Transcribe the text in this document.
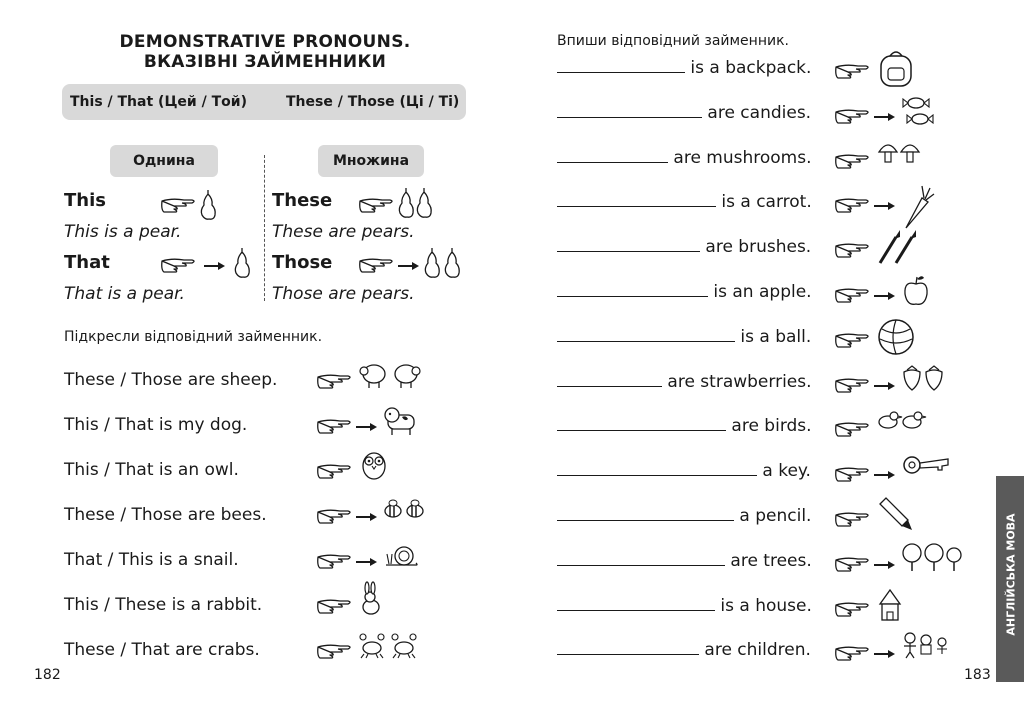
DEMONSTRATIVE PRONOUNS.
ВКАЗІВНІ ЗАЙМЕННИКИ
This / That (Цей / Той)	These / Those (Ці / Ті)
Однина	Множина
This
This is a pear.
That
That is a pear.
These
These are pears.
Those
Those are pears.
Підкресли відповідний займенник.
These / Those are sheep.
This / That is my dog.
This / That is an owl.
These / Those are bees.
That / This is a snail.
This / These is a rabbit.
These / That are crabs.
182
Впиши відповідний займенник.
is a backpack.
are candies.
are mushrooms.
is a carrot.
are brushes.
is an apple.
is a ball.
are strawberries.
are birds.
a key.
a pencil.
are trees.
is a house.
are children.
183
АНГЛІЙСЬКА МОВА
